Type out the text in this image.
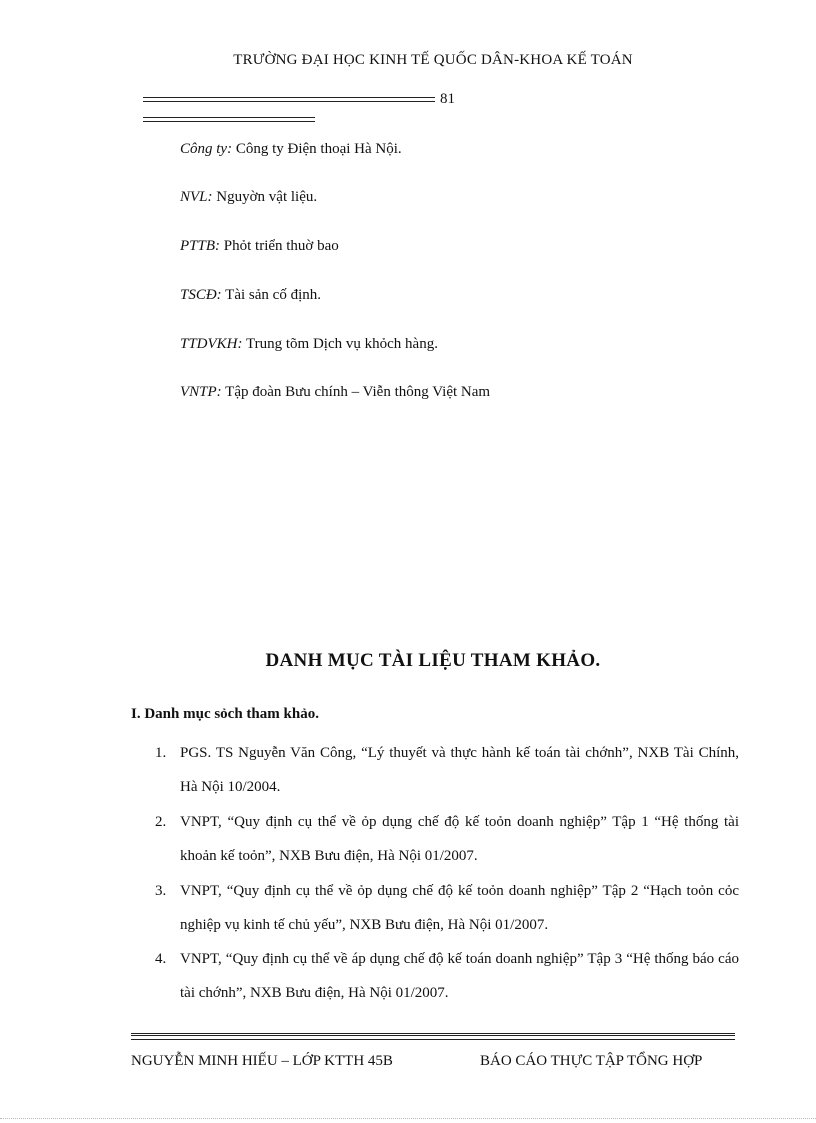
TRƯỜNG ĐẠI HỌC KINH TẾ QUỐC DÂN-KHOA KẾ TOÁN
81
Công ty: Công ty Điện thoại Hà Nội.
NVL: Nguyờn vật liệu.
PTTB: Phỏt triển thuờ bao
TSCĐ: Tài sản cố định.
TTDVKH: Trung tõm Dịch vụ khỏch hàng.
VNTP: Tập đoàn Bưu chính – Viễn thông Việt Nam
DANH MỤC TÀI LIỆU THAM KHẢO.
I. Danh mục sỏch tham khảo.
1. PGS. TS Nguyễn Văn Công, “Lý thuyết và thực hành kế toán tài chớnh”, NXB Tài Chính, Hà Nội 10/2004.
2. VNPT, “Quy định cụ thể về ỏp dụng chế độ kế toỏn doanh nghiệp” Tập 1 “Hệ thống tài khoản kế toỏn”, NXB Bưu điện, Hà Nội 01/2007.
3. VNPT, “Quy định cụ thể về ỏp dụng chế độ kế toỏn doanh nghiệp” Tập 2 “Hạch toỏn cỏc nghiệp vụ kinh tế chủ yếu”, NXB Bưu điện, Hà Nội 01/2007.
4. VNPT, “Quy định cụ thể về áp dụng chế độ kế toán doanh nghiệp” Tập 3 “Hệ thống báo cáo tài chớnh”, NXB Bưu điện, Hà Nội 01/2007.
NGUYỄN MINH HIẾU – LỚP KTTH 45B	BÁO CÁO THỰC TẬP TỔNG HỢP
